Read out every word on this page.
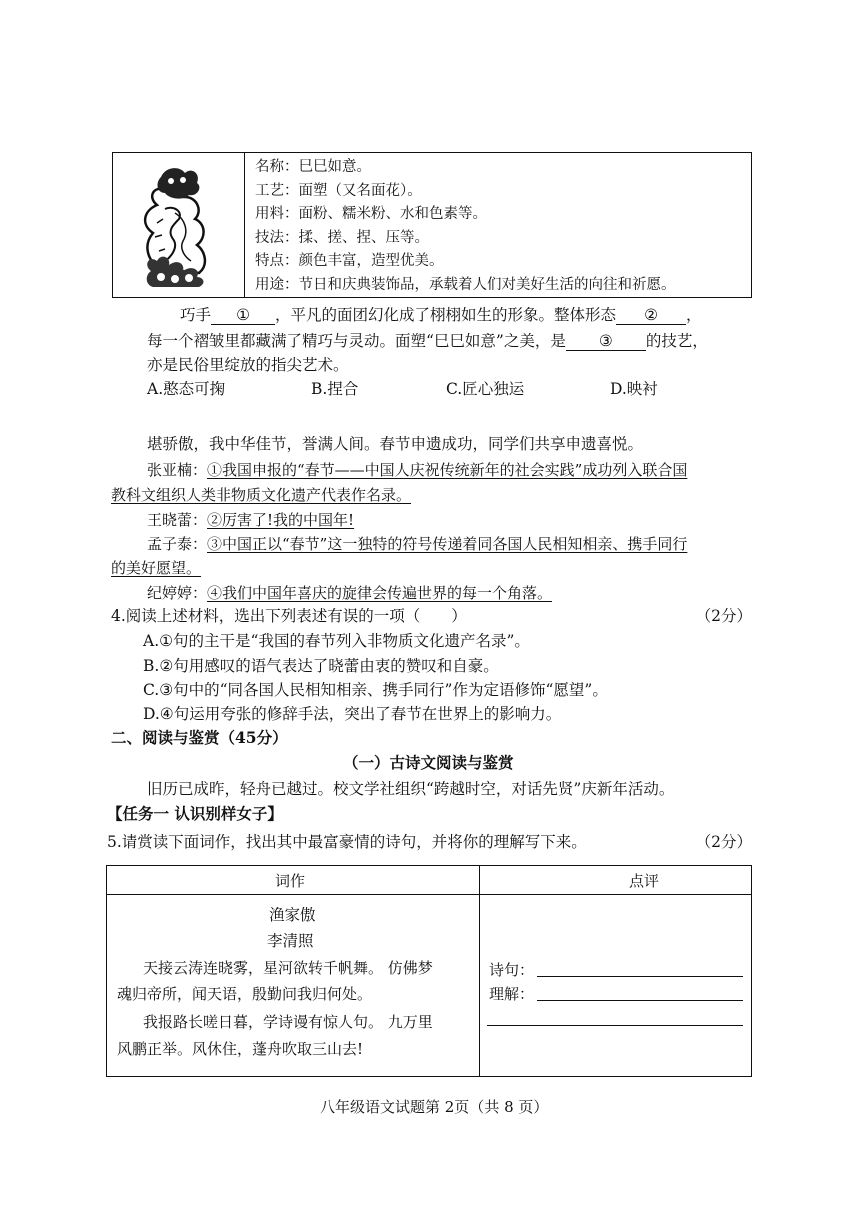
名称：巳巳如意。
工艺：面塑（又名面花）。
用料：面粉、糯米粉、水和色素等。
技法：揉、搓、捏、压等。
特点：颜色丰富，造型优美。
用途：节日和庆典装饰品，承载着人们对美好生活的向往和祈愿。
巧手 ① ，平凡的面团幻化成了栩栩如生的形象。整体形态 ② ，
每一个褶皱里都藏满了精巧与灵动。面塑“巳巳如意”之美，是 ③ 的技艺，
亦是民俗里绽放的指尖艺术。
A.憨态可掬	B.捏合	C.匠心独运	D.映衬
堪骄傲，我中华佳节，誉满人间。春节申遗成功，同学们共享申遗喜悦。
张亚楠：①我国申报的“春节——中国人庆祝传统新年的社会实践”成功列入联合国
教科文组织人类非物质文化遗产代表作名录。
王晓蕾：②厉害了!我的中国年!
孟子泰：③中国正以“春节”这一独特的符号传递着同各国人民相知相亲、携手同行
的美好愿望。
纪婷婷：④我们中国年喜庆的旋律会传遍世界的每一个角落。
4.阅读上述材料，选出下列表述有误的一项（　　）	（2分）
A.①句的主干是“我国的春节列入非物质文化遗产名录”。
B.②句用感叹的语气表达了晓蕾由衷的赞叹和自豪。
C.③句中的“同各国人民相知相亲、携手同行”作为定语修饰“愿望”。
D.④句运用夸张的修辞手法，突出了春节在世界上的影响力。
二、阅读与鉴赏（45分）
（一）古诗文阅读与鉴赏
旧历已成昨，轻舟已越过。校文学社组织“跨越时空，对话先贤”庆新年活动。
【任务一 认识别样女子】
5.请赏读下面词作，找出其中最富豪情的诗句，并将你的理解写下来。	（2分）
词作	点评
渔家傲
李清照
天接云涛连晓雾，星河欲转千帆舞。 仿佛梦
魂归帝所，闻天语，殷勤问我归何处。
我报路长嗟日暮，学诗谩有惊人句。 九万里
风鹏正举。风休住，蓬舟吹取三山去!
诗句：
理解：
八年级语文试题第 2页（共 8 页）
